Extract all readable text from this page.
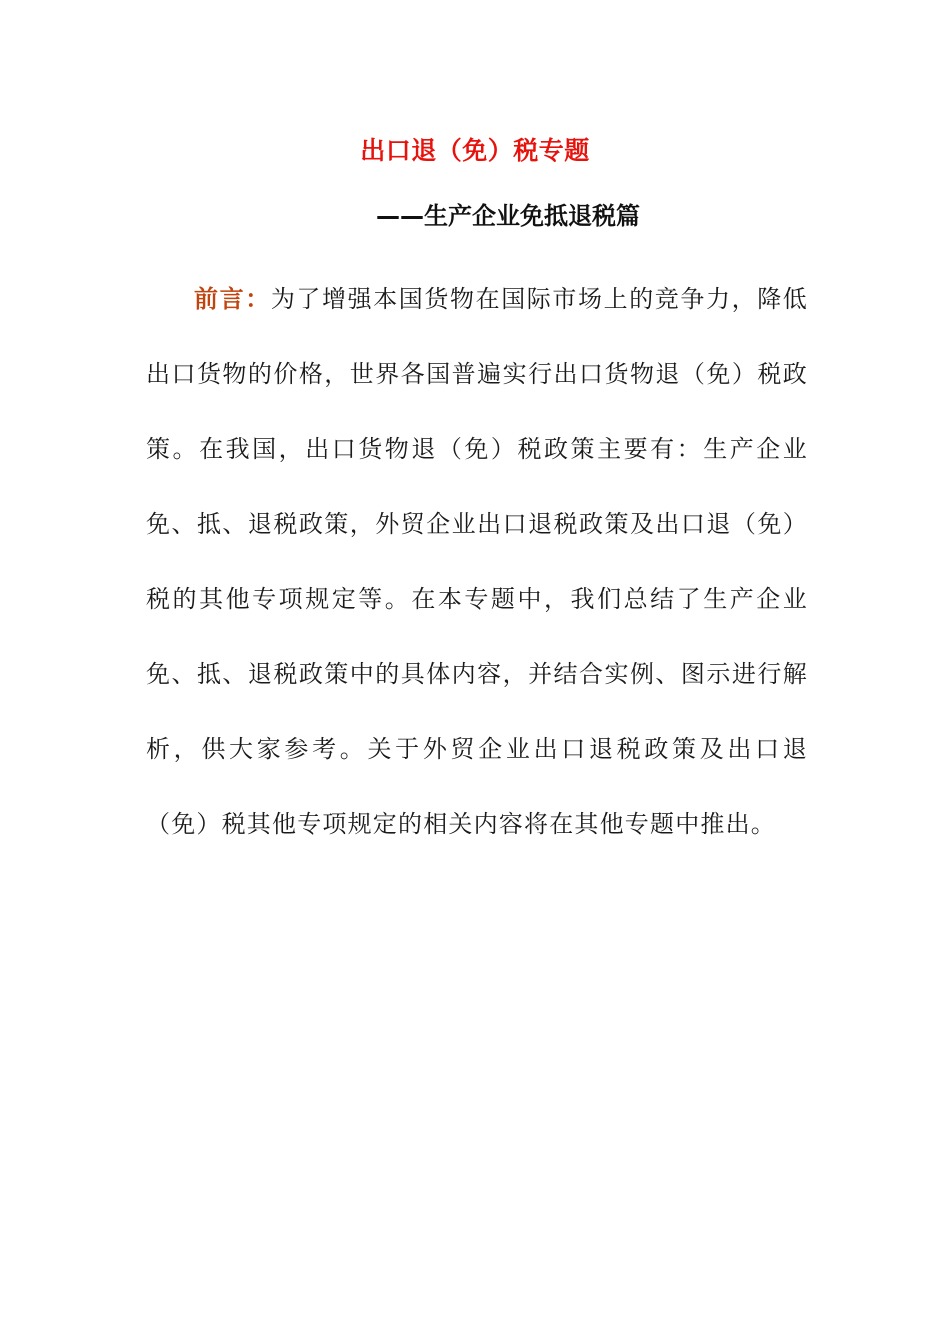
出口退（免）税专题
——生产企业免抵退税篇

前言：为了增强本国货物在国际市场上的竞争力，降低出口货物的价格，世界各国普遍实行出口货物退（免）税政策。在我国，出口货物退（免）税政策主要有：生产企业免、抵、退税政策，外贸企业出口退税政策及出口退（免）税的其他专项规定等。在本专题中，我们总结了生产企业免、抵、退税政策中的具体内容，并结合实例、图示进行解析，供大家参考。关于外贸企业出口退税政策及出口退（免）税其他专项规定的相关内容将在其他专题中推出。
